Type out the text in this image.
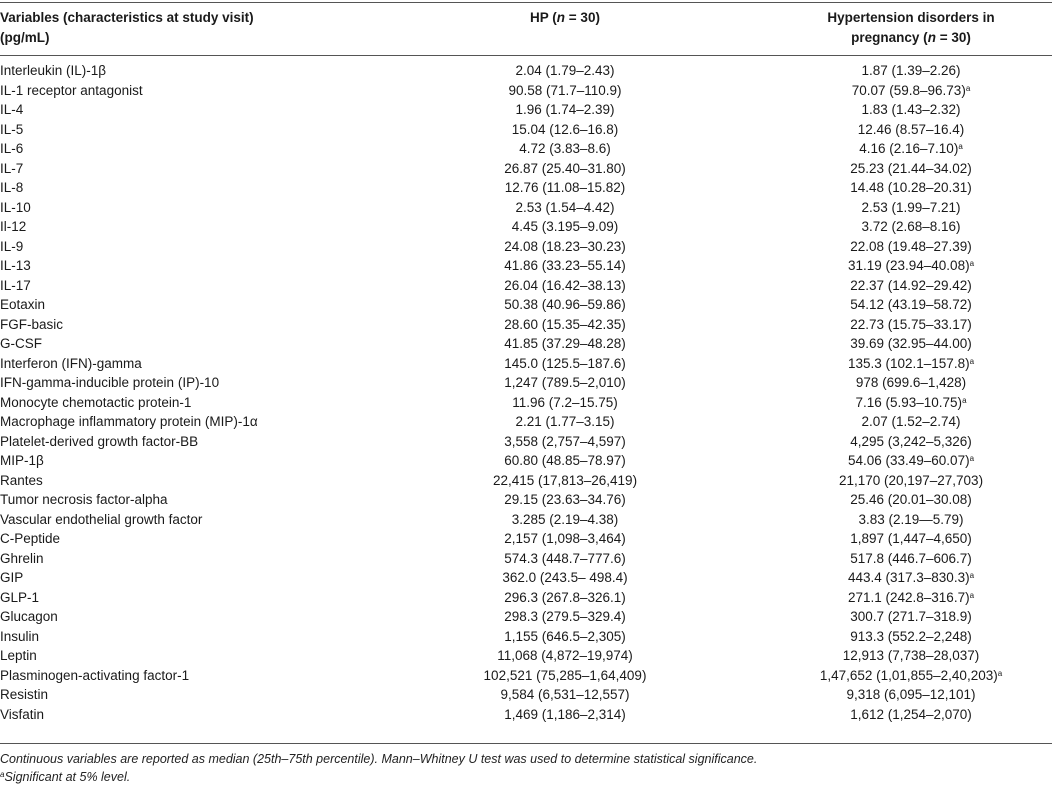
Variables (characteristics at study visit)
(pg/mL)
HP (n = 30)	Hypertension disorders in
pregnancy (n = 30)
Interleukin (IL)-1β	2.04 (1.79–2.43)	1.87 (1.39–2.26)
IL-1 receptor antagonist	90.58 (71.7–110.9)	70.07 $(59.8-96.73)^a$
IL-4	1.96 (1.74–2.39)	1.83 (1.43–2.32)
IL-5	15.04 (12.6–16.8)	12.46 (8.57–16.4)
IL-6	4.72 (3.83–8.6)	4.16 $(2.16-7.10)^a$
IL-7	26.87 (25.40–31.80)	25.23 (21.44–34.02)
IL-8	12.76 (11.08–15.82)	14.48 (10.28–20.31)
IL-10	2.53 (1.54–4.42)	2.53 (1.99–7.21)
Il-12	4.45 (3.195–9.09)	3.72 (2.68–8.16)
IL-9	24.08 (18.23–30.23)	22.08 (19.48–27.39)
IL-13	41.86 (33.23–55.14)	31.19 $(23.94-40.08)^a$
IL-17	26.04 (16.42–38.13)	22.37 (14.92–29.42)
Eotaxin	50.38 (40.96–59.86)	54.12 (43.19–58.72)
FGF-basic	28.60 (15.35–42.35)	22.73 (15.75–33.17)
G-CSF	41.85 (37.29–48.28)	39.69 (32.95–44.00)
Interferon (IFN)-gamma	145.0 (125.5–187.6)	135.3 $(102.1-157.8)^a$
IFN-gamma-inducible protein (IP)-10	1,247 (789.5–2,010)	978 (699.6–1,428)
Monocyte chemotactic protein-1	11.96 (7.2–15.75)	7.16 $(5.93-10.75)^a$
Macrophage inflammatory protein (MIP)-1α	2.21 (1.77–3.15)	2.07 (1.52–2.74)
Platelet-derived growth factor-BB	3,558 (2,757–4,597)	4,295 (3,242–5,326)
MIP-1β	60.80 (48.85–78.97)	54.06 $(33.49-60.07)^a$
Rantes	22,415 (17,813–26,419)	21,170 (20,197–27,703)
Tumor necrosis factor-alpha	29.15 (23.63–34.76)	25.46 (20.01–30.08)
Vascular endothelial growth factor	3.285 (2.19–4.38)	3.83 (2.19—5.79)
C-Peptide	2,157 (1,098–3,464)	1,897 (1,447–4,650)
Ghrelin	574.3 (448.7–777.6)	517.8 (446.7–606.7)
GIP	362.0 (243.5– 498.4)	443.4 $(317.3-830.3)^a$
GLP-1	296.3 (267.8–326.1)	271.1 $(242.8-316.7)^a$
Glucagon	298.3 (279.5–329.4)	300.7 (271.7–318.9)
Insulin	1,155 (646.5–2,305)	913.3 (552.2–2,248)
Leptin	11,068 (4,872–19,974)	12,913 (7,738–28,037)
Plasminogen-activating factor-1	102,521 (75,285–1,64,409)	1,47,652 $(1,01,855-2,40,203)^a$
Resistin	9,584 (6,531–12,557)	9,318 (6,095–12,101)
Visfatin	1,469 (1,186–2,314)	1,612 (1,254–2,070)
Continuous variables are reported as median (25th–75th percentile). Mann–Whitney U test was used to determine statistical significance.
$^a$Significant at 5% level.
